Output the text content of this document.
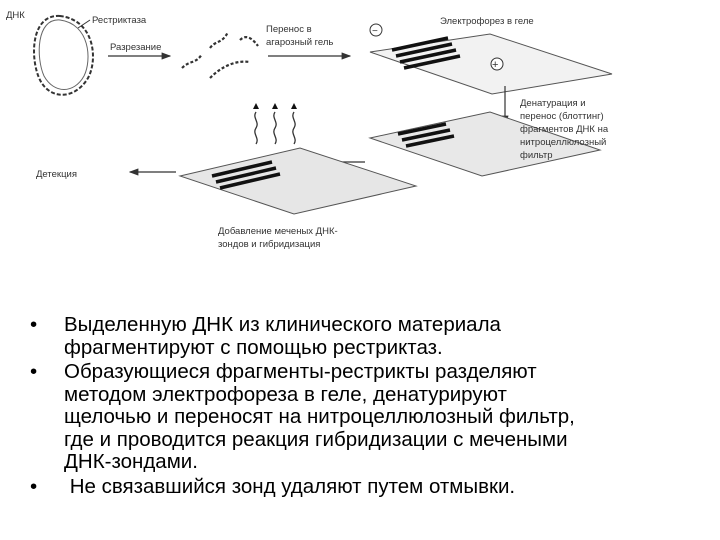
ДНК	Рестриктаза
Разрезание
Перенос в
агарозный гель
Электрофорез в геле
−
+
Денатурация и
перенос (блоттинг)
фрагментов ДНК на
нитроцеллюлозный
фильтр
Детекция
Добавление меченых ДНК-
зондов и гибридизация
• Выделенную ДНК из клинического материала
фрагментируют с помощью рестриктаз.
• Образующиеся фрагменты-рестрикты разделяют
методом электрофореза в геле, денатурируют
щелочью и переносят на нитроцеллюлозный фильтр,
где и проводится реакция гибридизации с мечеными
ДНК-зондами.
• Не связавшийся зонд удаляют путем отмывки.
